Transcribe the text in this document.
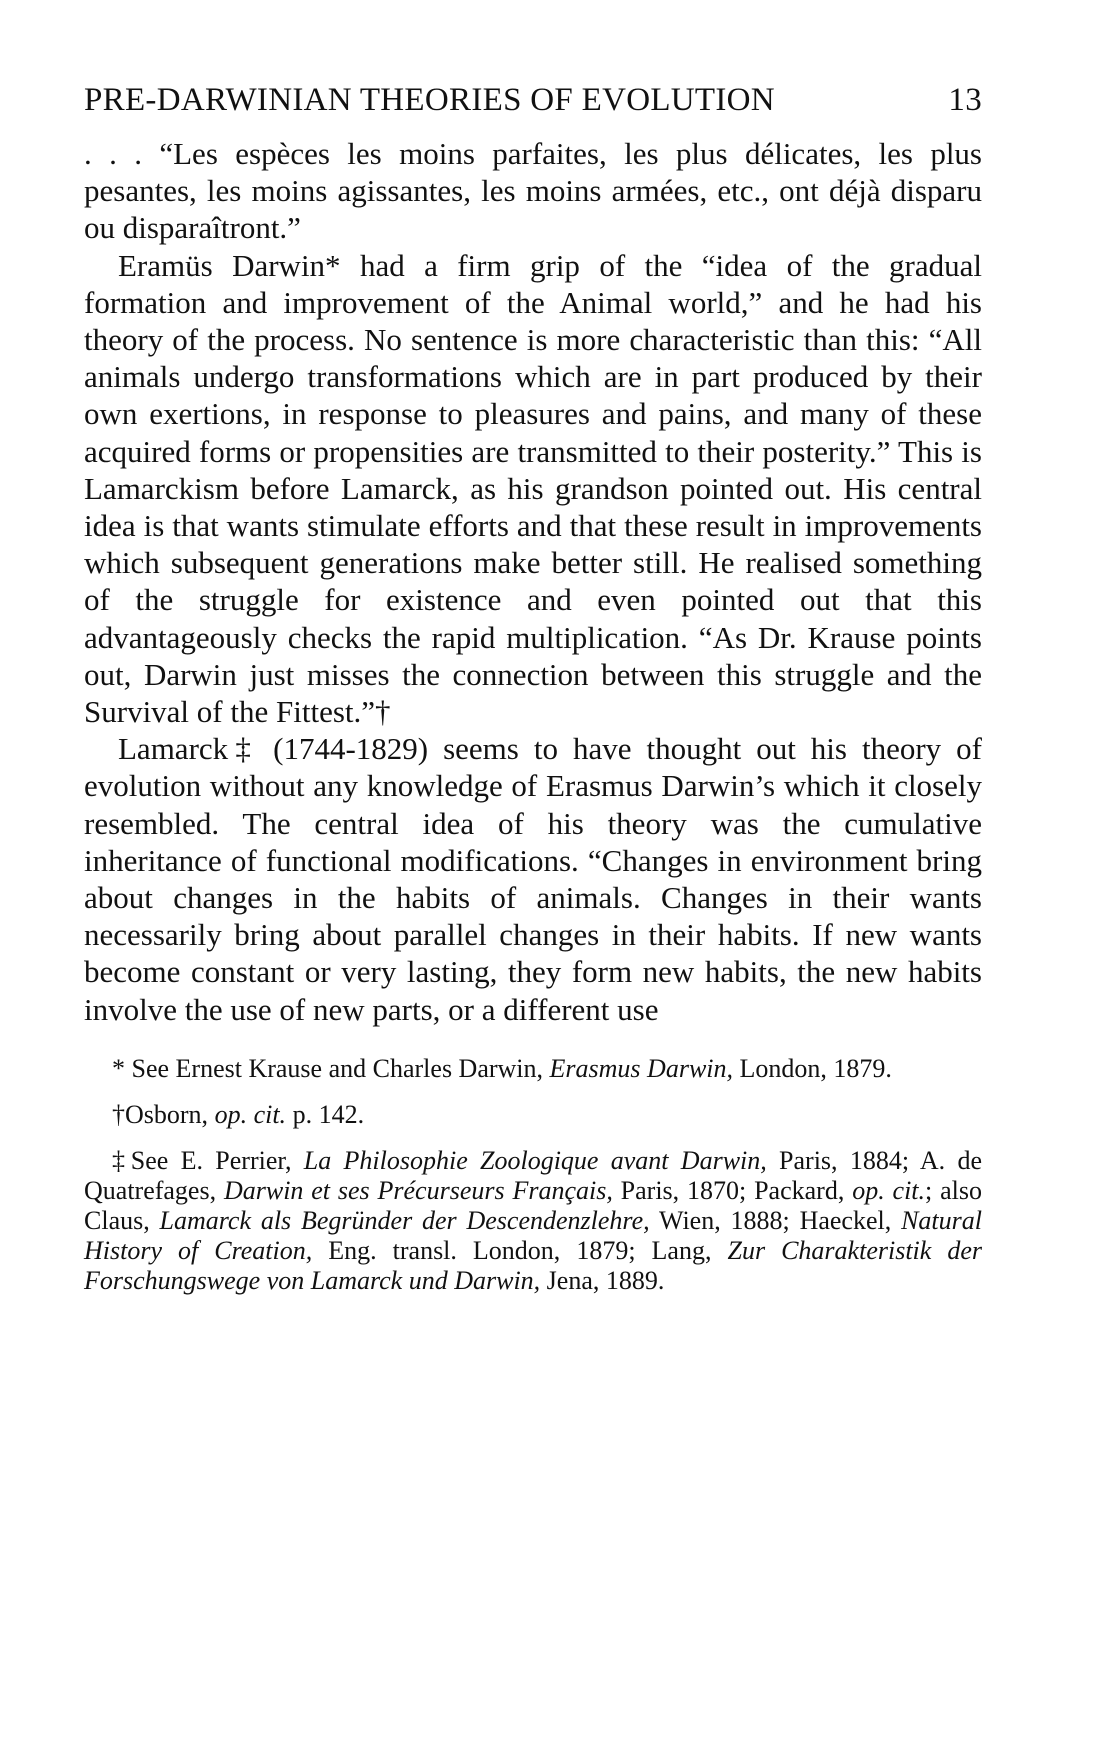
PRE-DARWINIAN THEORIES OF EVOLUTION	13

. . . “Les espèces les moins parfaites, les plus délicates, les plus pesantes, les moins agissantes, les moins armées, etc., ont déjà disparu ou disparaîtront.”

Eramüs Darwin* had a firm grip of the “idea of the gradual formation and improvement of the Animal world,” and he had his theory of the process. No sentence is more characteristic than this: “All animals undergo transformations which are in part produced by their own exertions, in response to pleasures and pains, and many of these acquired forms or propensities are transmitted to their posterity.” This is Lamarckism before Lamarck, as his grandson pointed out. His central idea is that wants stimulate efforts and that these result in improvements which subsequent generations make better still. He realised something of the struggle for existence and even pointed out that this advantageously checks the rapid multiplication. “As Dr. Krause points out, Darwin just misses the connection between this struggle and the Survival of the Fittest.”†

Lamarck‡ (1744-1829) seems to have thought out his theory of evolution without any knowledge of Erasmus Darwin’s which it closely resembled. The central idea of his theory was the cumulative inheritance of functional modifications. “Changes in environment bring about changes in the habits of animals. Changes in their wants necessarily bring about parallel changes in their habits. If new wants become constant or very lasting, they form new habits, the new habits involve the use of new parts, or a different use

* See Ernest Krause and Charles Darwin, Erasmus Darwin, London, 1879.

†Osborn, op. cit. p. 142.

‡See E. Perrier, La Philosophie Zoologique avant Darwin, Paris, 1884; A. de Quatrefages, Darwin et ses Précurseurs Français, Paris, 1870; Packard, op. cit.; also Claus, Lamarck als Begründer der Descendenzlehre, Wien, 1888; Haeckel, Natural History of Creation, Eng. transl. London, 1879; Lang, Zur Charakteristik der Forschungswege von Lamarck und Darwin, Jena, 1889.
